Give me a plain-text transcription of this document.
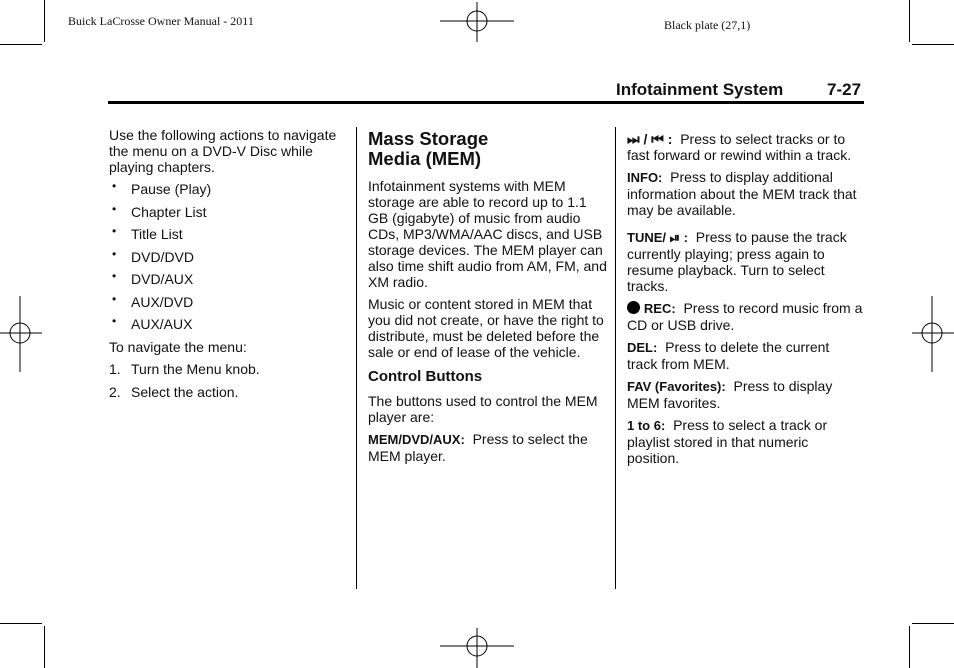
Buick LaCrosse Owner Manual - 2011	Black plate (27,1)
Infotainment System	7-27

Use the following actions to navigate the menu on a DVD-V Disc while playing chapters.

• Pause (Play)
• Chapter List
• Title List
• DVD/DVD
• DVD/AUX
• AUX/DVD
• AUX/AUX

To navigate the menu:

1. Turn the Menu knob.
2. Select the action.
Mass Storage
Media (MEM)

Infotainment systems with MEM storage are able to record up to 1.1 GB (gigabyte) of music from audio CDs, MP3/WMA/AAC discs, and USB storage devices. The MEM player can also time shift audio from AM, FM, and XM radio.

Music or content stored in MEM that you did not create, or have the right to distribute, must be deleted before the sale or end of lease of the vehicle.

Control Buttons

The buttons used to control the MEM player are:

MEM/DVD/AUX: Press to select the MEM player.

⏭ / ⏮ : Press to select tracks or to fast forward or rewind within a track.

INFO: Press to display additional information about the MEM track that may be available.

TUNE/ ⏯ : Press to pause the track currently playing; press again to resume playback. Turn to select tracks.

REC: Press to record music from a CD or USB drive.

DEL: Press to delete the current track from MEM.

FAV (Favorites): Press to display MEM favorites.

1 to 6: Press to select a track or playlist stored in that numeric position.
